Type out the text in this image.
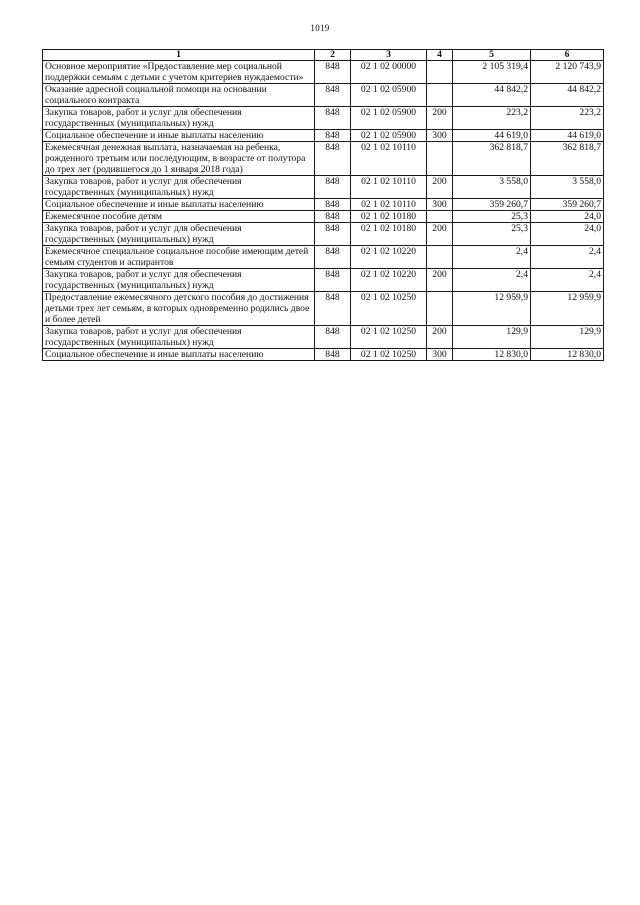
1019
1	2	3	4	5	6
Основное мероприятие «Предоставление мер социальной поддержки семьям с детьми с учетом критериев нуждаемости»	848	02 1 02 00000		2 105 319,4	2 120 743,9
Оказание адресной социальной помощи на основании социального контракта	848	02 1 02 05900		44 842,2	44 842,2
Закупка товаров, работ и услуг для обеспечения государственных (муниципальных) нужд	848	02 1 02 05900	200	223,2	223,2
Социальное обеспечение и иные выплаты населению	848	02 1 02 05900	300	44 619,0	44 619,0
Ежемесячная денежная выплата, назначаемая на ребенка, рожденного третьим или последующим, в возрасте от полутора до трех лет (родившегося до 1 января 2018 года)	848	02 1 02 10110		362 818,7	362 818,7
Закупка товаров, работ и услуг для обеспечения государственных (муниципальных) нужд	848	02 1 02 10110	200	3 558,0	3 558,0
Социальное обеспечение и иные выплаты населению	848	02 1 02 10110	300	359 260,7	359 260,7
Ежемесячное пособие детям	848	02 1 02 10180		25,3	24,0
Закупка товаров, работ и услуг для обеспечения государственных (муниципальных) нужд	848	02 1 02 10180	200	25,3	24,0
Ежемесячное специальное социальное пособие имеющим детей семьям студентов и аспирантов	848	02 1 02 10220		2,4	2,4
Закупка товаров, работ и услуг для обеспечения государственных (муниципальных) нужд	848	02 1 02 10220	200	2,4	2,4
Предоставление ежемесячного детского пособия до достижения детьми трех лет семьям, в которых одновременно родились двое и более детей	848	02 1 02 10250		12 959,9	12 959,9
Закупка товаров, работ и услуг для обеспечения государственных (муниципальных) нужд	848	02 1 02 10250	200	129,9	129,9
Социальное обеспечение и иные выплаты населению	848	02 1 02 10250	300	12 830,0	12 830,0
